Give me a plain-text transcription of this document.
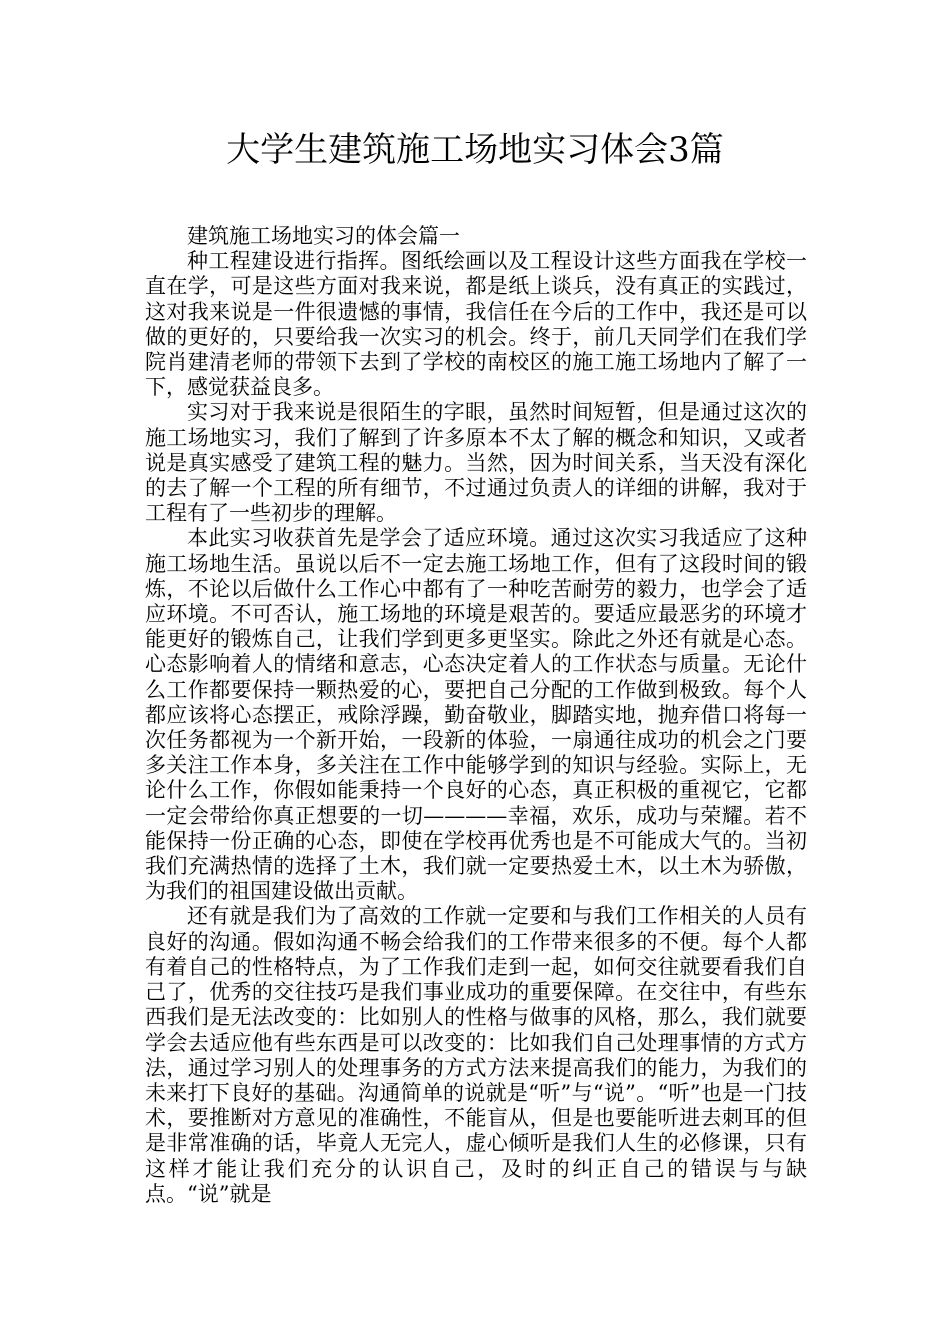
大学生建筑施工场地实习体会3篇

建筑施工场地实习的体会篇一

种工程建设进行指挥。图纸绘画以及工程设计这些方面我在学校一直在学，可是这些方面对我来说，都是纸上谈兵，没有真正的实践过，这对我来说是一件很遗憾的事情，我信任在今后的工作中，我还是可以做的更好的，只要给我一次实习的机会。终于，前几天同学们在我们学院肖建清老师的带领下去到了学校的南校区的施工施工场地内了解了一下，感觉获益良多。

实习对于我来说是很陌生的字眼，虽然时间短暂，但是通过这次的施工场地实习，我们了解到了许多原本不太了解的概念和知识，又或者说是真实感受了建筑工程的魅力。当然，因为时间关系，当天没有深化的去了解一个工程的所有细节，不过通过负责人的详细的讲解，我对于工程有了一些初步的理解。

本此实习收获首先是学会了适应环境。通过这次实习我适应了这种施工场地生活。虽说以后不一定去施工场地工作，但有了这段时间的锻炼，不论以后做什么工作心中都有了一种吃苦耐劳的毅力，也学会了适应环境。不可否认，施工场地的环境是艰苦的。要适应最恶劣的环境才能更好的锻炼自己，让我们学到更多更坚实。除此之外还有就是心态。心态影响着人的情绪和意志，心态决定着人的工作状态与质量。无论什么工作都要保持一颗热爱的心，要把自己分配的工作做到极致。每个人都应该将心态摆正，戒除浮躁，勤奋敬业，脚踏实地，抛弃借口将每一次任务都视为一个新开始，一段新的体验，一扇通往成功的机会之门要多关注工作本身，多关注在工作中能够学到的知识与经验。实际上，无论什么工作，你假如能秉持一个良好的心态，真正积极的重视它，它都一定会带给你真正想要的一切————幸福，欢乐，成功与荣耀。若不能保持一份正确的心态，即使在学校再优秀也是不可能成大气的。当初我们充满热情的选择了土木，我们就一定要热爱土木，以土木为骄傲，为我们的祖国建设做出贡献。

还有就是我们为了高效的工作就一定要和与我们工作相关的人员有良好的沟通。假如沟通不畅会给我们的工作带来很多的不便。每个人都有着自己的性格特点，为了工作我们走到一起，如何交往就要看我们自己了，优秀的交往技巧是我们事业成功的重要保障。在交往中，有些东西我们是无法改变的：比如别人的性格与做事的风格，那么，我们就要学会去适应他有些东西是可以改变的：比如我们自己处理事情的方式方法，通过学习别人的处理事务的方式方法来提高我们的能力，为我们的未来打下良好的基础。沟通简单的说就是“听”与“说”。“听”也是一门技术，要推断对方意见的准确性，不能盲从，但是也要能听进去刺耳的但是非常准确的话，毕竟人无完人，虚心倾听是我们人生的必修课，只有这样才能让我们充分的认识自己，及时的纠正自己的错误与与缺点。“说”就是
